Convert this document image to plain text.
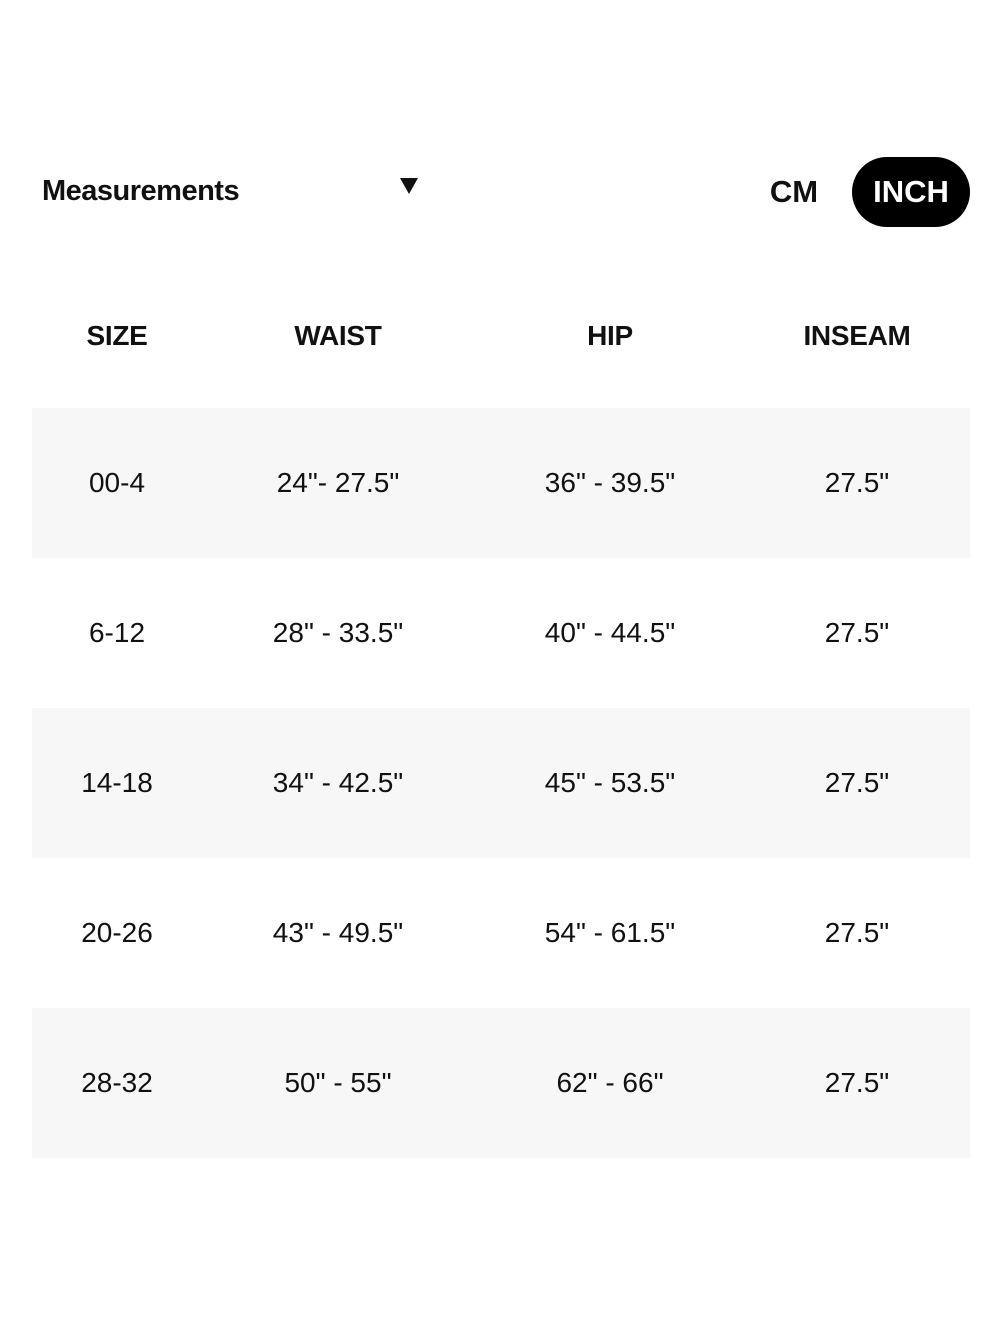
Measurements	CM	INCH
SIZE	WAIST	HIP	INSEAM
00-4	24"- 27.5"	36" - 39.5"	27.5"
6-12	28" - 33.5"	40" - 44.5"	27.5"
14-18	34" - 42.5"	45" - 53.5"	27.5"
20-26	43" - 49.5"	54" - 61.5"	27.5"
28-32	50" - 55"	62" - 66"	27.5"
